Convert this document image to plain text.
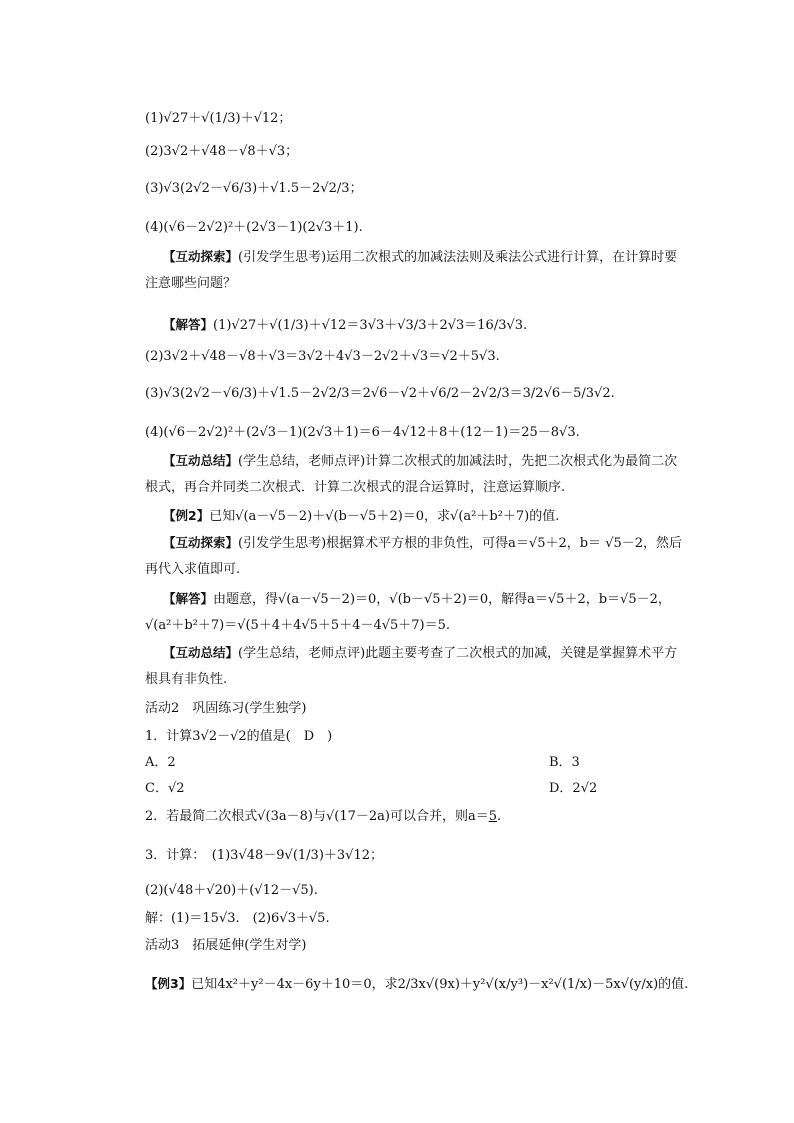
(1)√27＋√(1/3)＋√12；
(2)3√2＋√48－√8＋√3；
(3)√3(2√2－√6/3)＋√1.5－2√2/3；
(4)(√6－2√2)²＋(2√3－1)(2√3＋1).
【互动探索】(引发学生思考)运用二次根式的加减法法则及乘法公式进行计算，在计算时要注意哪些问题？
【解答】(1)√27＋√(1/3)＋√12＝3√3＋√3/3＋2√3＝16/3√3.
(2)3√2＋√48－√8＋√3＝3√2＋4√3－2√2＋√3＝√2＋5√3.
(3)√3(2√2－√6/3)＋√1.5－2√2/3＝2√6－√2＋√6/2－2√2/3＝3/2√6－5/3√2.
(4)(√6－2√2)²＋(2√3－1)(2√3＋1)＝6－4√12＋8＋(12－1)＝25－8√3.
【互动总结】(学生总结，老师点评)计算二次根式的加减法时，先把二次根式化为最简二次根式，再合并同类二次根式．计算二次根式的混合运算时，注意运算顺序.
【例2】已知√(a－√5－2)＋√(b－√5＋2)＝0，求√(a²＋b²＋7)的值.
【互动探索】(引发学生思考)根据算术平方根的非负性，可得a＝√5＋2，b＝ √5－2，然后再代入求值即可.
【解答】由题意，得√(a－√5－2)＝0，√(b－√5＋2)＝0，解得a＝√5＋2，b＝√5－2，√(a²＋b²＋7)＝√(5＋4＋4√5＋5＋4－4√5＋7)＝5.
【互动总结】(学生总结，老师点评)此题主要考查了二次根式的加减，关键是掌握算术平方根具有非负性.
活动2　巩固练习(学生独学)
1．计算3√2－√2的值是(　D　)
A．2	B．3
C．√2	D．2√2
2．若最简二次根式√(3a－8)与√(17－2a)可以合并，则a＝5.
3．计算：　(1)3√48－9√(1/3)＋3√12；
(2)(√48＋√20)＋(√12－√5).
解：(1)＝15√3.　(2)6√3＋√5.
活动3　拓展延伸(学生对学)
【例3】已知4x²＋y²－4x－6y＋10＝0，求2/3x√(9x)＋y²√(x/y³)－x²√(1/x)－5x√(y/x)的值.
